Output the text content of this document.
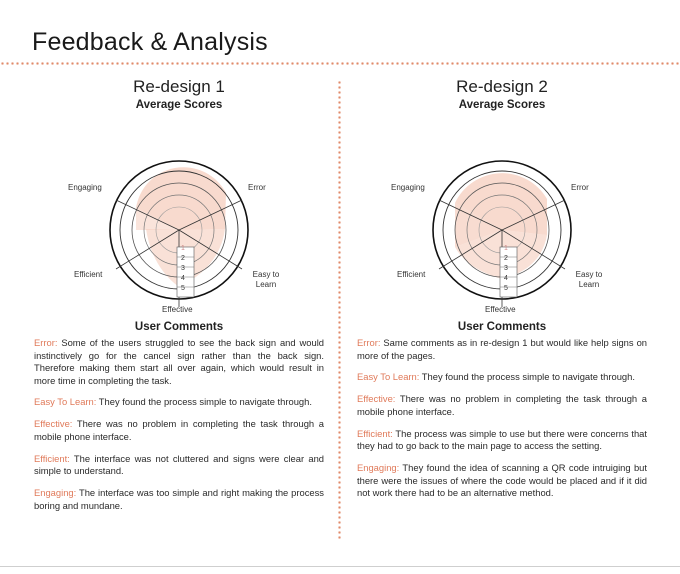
Feedback & Analysis
Re-design 1
Average Scores
1
2
3
4
5
Error
Easy to Learn
Effective
Efficient
Engaging
User Comments

Error: Some of the users struggled to see the back sign and would instinctively go for the cancel sign rather than the back sign. Therefore making them start all over again, which would result in more time in completing the task.

Easy To Learn: They found the process simple to navigate through.

Effective: There was no problem in completing the task through a mobile phone interface.

Efficient: The interface was not cluttered and signs were clear and simple to understand.

Engaging: The interface was too simple and right making the process boring and mundane.

Re-design 2
Average Scores
1
2
3
4
5
Error
Easy to Learn
Effective
Efficient
Engaging
User Comments

Error: Same comments as in re-design 1 but would like help signs on more of the pages.

Easy To Learn: They found the process simple to navigate through.

Effective: There was no problem in completing the task through a mobile phone interface.

Efficient: The process was simple to use but there were concerns that they had to go back to the main page to access the setting.

Engaging: They found the idea of scanning a QR code intruiging but there were the issues of where the code would be placed and if it did not work there had to be an alternative method.
